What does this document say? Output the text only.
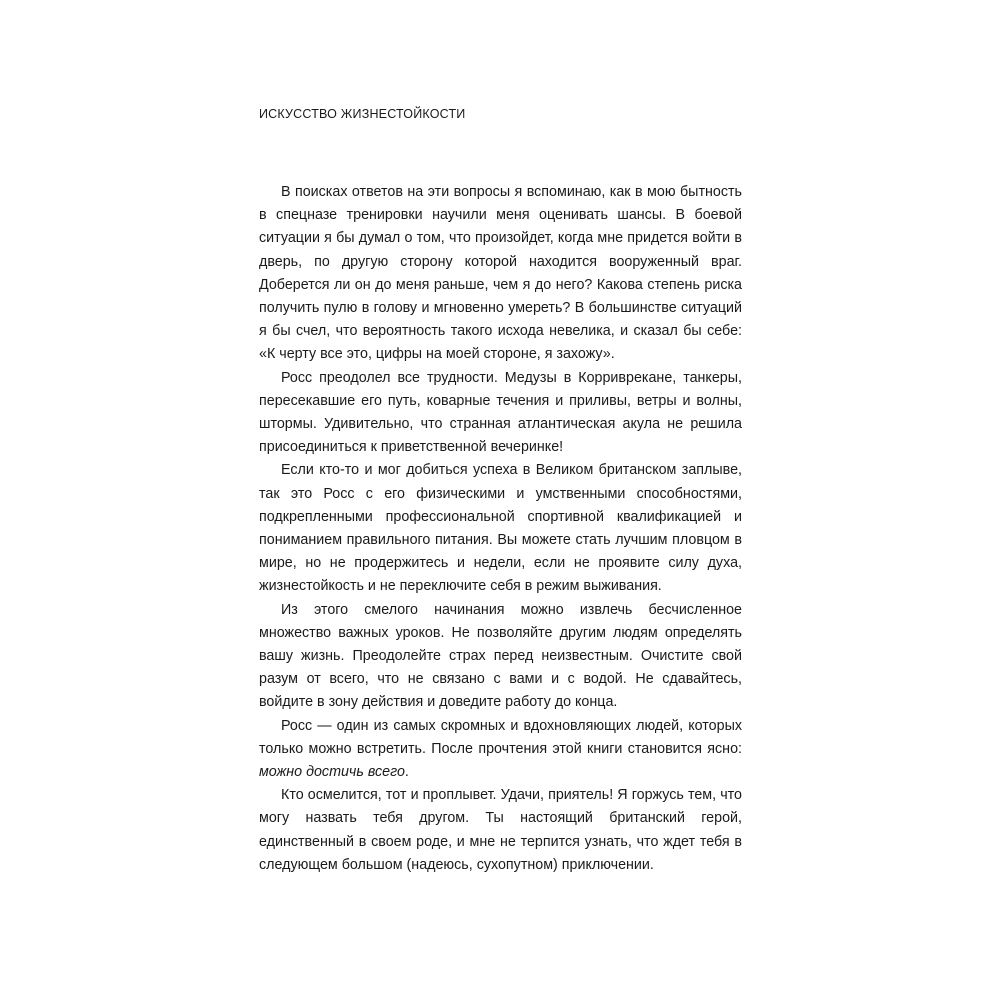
ИСКУССТВО ЖИЗНЕСТОЙКОСТИ

В поисках ответов на эти вопросы я вспоминаю, как в мою бытность в спецназе тренировки научили меня оценивать шансы. В боевой ситуации я бы думал о том, что произойдет, когда мне придется войти в дверь, по другую сторону которой находится вооруженный враг. Доберется ли он до меня раньше, чем я до него? Какова степень риска получить пулю в голову и мгновенно умереть? В большинстве ситуаций я бы счел, что вероятность такого исхода невелика, и сказал бы себе: «К черту все это, цифры на моей стороне, я захожу».

Росс преодолел все трудности. Медузы в Корриврекане, танкеры, пересекавшие его путь, коварные течения и приливы, ветры и волны, штормы. Удивительно, что странная атлантическая акула не решила присоединиться к приветственной вечеринке!

Если кто-то и мог добиться успеха в Великом британском заплыве, так это Росс с его физическими и умственными способностями, подкрепленными профессиональной спортивной квалификацией и пониманием правильного питания. Вы можете стать лучшим пловцом в мире, но не продержитесь и недели, если не проявите силу духа, жизнестойкость и не переключите себя в режим выживания.

Из этого смелого начинания можно извлечь бесчисленное множество важных уроков. Не позволяйте другим людям определять вашу жизнь. Преодолейте страх перед неизвестным. Очистите свой разум от всего, что не связано с вами и с водой. Не сдавайтесь, войдите в зону действия и доведите работу до конца.

Росс — один из самых скромных и вдохновляющих людей, которых только можно встретить. После прочтения этой книги становится ясно: можно достичь всего.

Кто осмелится, тот и проплывет. Удачи, приятель! Я горжусь тем, что могу назвать тебя другом. Ты настоящий британский герой, единственный в своем роде, и мне не терпится узнать, что ждет тебя в следующем большом (надеюсь, сухопутном) приключении.
